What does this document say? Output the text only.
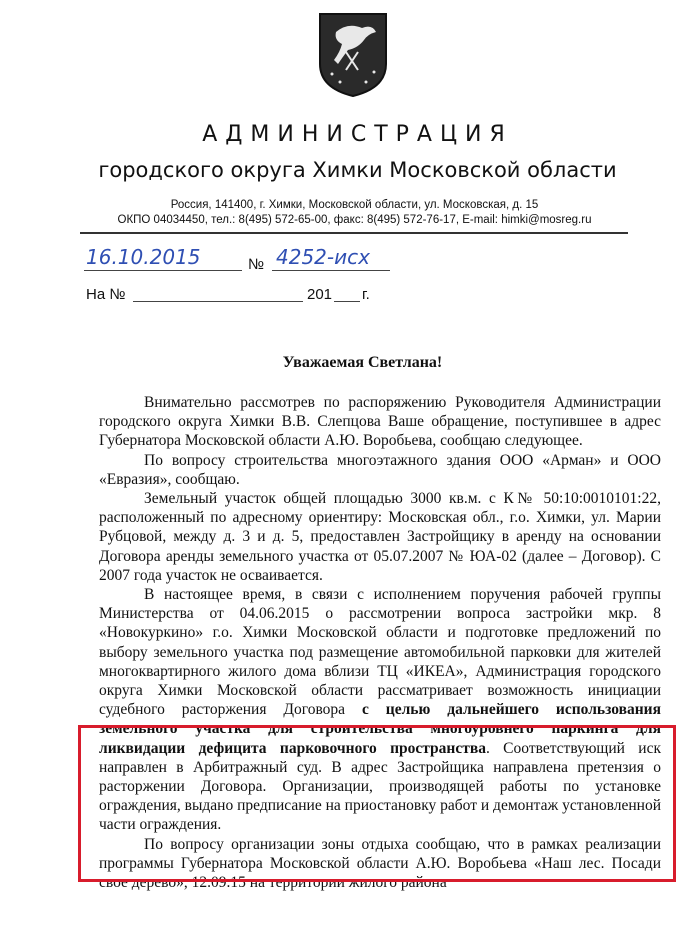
АДМИНИСТРАЦИЯ
городского округа Химки Московской области
Россия, 141400, г. Химки, Московской области, ул. Московская, д. 15
ОКПО 04034450, тел.: 8(495) 572-65-00, факс: 8(495) 572-76-17, E-mail: himki@mosreg.ru
16.10.2015	№ 4252-исх
На №	201 г.
Уважаемая Светлана!

Внимательно рассмотрев по распоряжению Руководителя Администрации городского округа Химки В.В. Слепцова Ваше обращение, поступившее в адрес Губернатора Московской области А.Ю. Воробьева, сообщаю следующее.

По вопросу строительства многоэтажного здания ООО «Арман» и ООО «Евразия», сообщаю.

Земельный участок общей площадью 3000 кв.м. с К№ 50:10:0010101:22, расположенный по адресному ориентиру: Московская обл., г.о. Химки, ул. Марии Рубцовой, между д. 3 и д. 5, предоставлен Застройщику в аренду на основании Договора аренды земельного участка от 05.07.2007 № ЮА-02 (далее – Договор). С 2007 года участок не осваивается.

В настоящее время, в связи с исполнением поручения рабочей группы Министерства от 04.06.2015 о рассмотрении вопроса застройки мкр. 8 «Новокуркино» г.о. Химки Московской области и подготовке предложений по выбору земельного участка под размещение автомобильной парковки для жителей многоквартирного жилого дома вблизи ТЦ «ИКЕА», Администрация городского округа Химки Московской области рассматривает возможность инициации судебного расторжения Договора с целью дальнейшего использования земельного участка для строительства многоуровнего паркинга для ликвидации дефицита парковочного пространства. Соответствующий иск направлен в Арбитражный суд. В адрес Застройщика направлена претензия о расторжении Договора. Организации, производящей работы по установке ограждения, выдано предписание на приостановку работ и демонтаж установленной части ограждения.

По вопросу организации зоны отдыха сообщаю, что в рамках реализации программы Губернатора Московской области А.Ю. Воробьева «Наш лес. Посади свое дерево», 12.09.15 на территории жилого района
